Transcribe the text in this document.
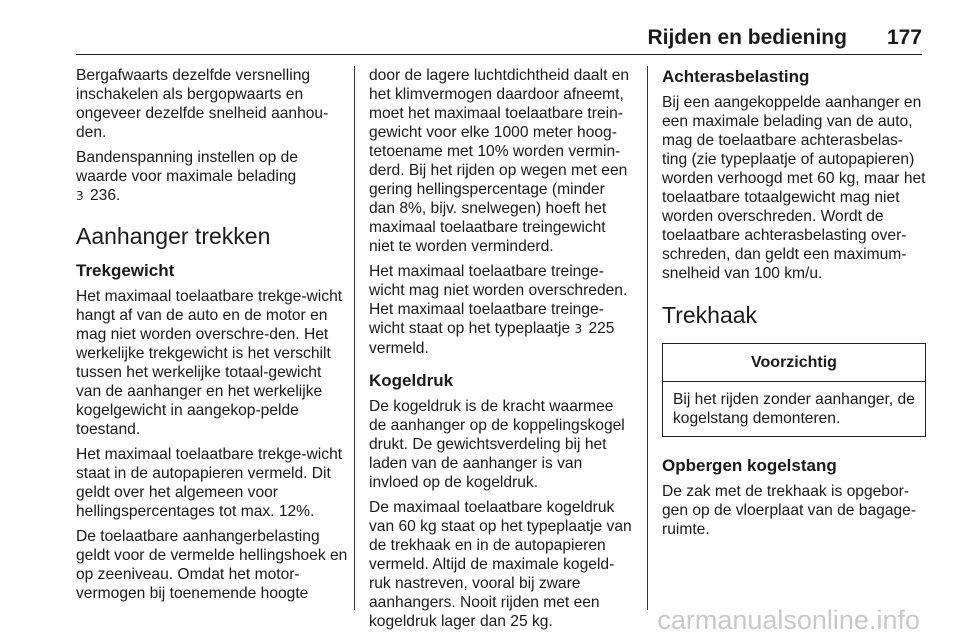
Rijden en bediening 177

Bergafwaarts dezelfde versnelling inschakelen als bergopwaarts en ongeveer dezelfde snelheid aanhou-den.

Bandenspanning instellen op de waarde voor maximale belading
3 236.

Aanhanger trekken
Trekgewicht

Het maximaal toelaatbare trekge-wicht hangt af van de auto en de motor en mag niet worden overschre-den. Het werkelijke trekgewicht is het verschilt tussen het werkelijke totaal-gewicht van de aanhanger en het werkelijke kogelgewicht in aangekop-pelde toestand.

Het maximaal toelaatbare trekge-wicht staat in de autopapieren vermeld. Dit geldt over het algemeen voor hellingspercentages tot max. 12%.

De toelaatbare aanhangerbelasting geldt voor de vermelde hellingshoek en op zeeniveau. Omdat het motor-vermogen bij toenemende hoogte

door de lagere luchtdichtheid daalt en het klimvermogen daardoor afneemt, moet het maximaal toelaatbare trein-gewicht voor elke 1000 meter hoog-tetoename met 10% worden vermin-derd. Bij het rijden op wegen met een gering hellingspercentage (minder dan 8%, bijv. snelwegen) hoeft het maximaal toelaatbare treingewicht niet te worden verminderd.

Het maximaal toelaatbare treinge-wicht mag niet worden overschreden. Het maximaal toelaatbare treinge-wicht staat op het typeplaatje 3 225 vermeld.

Kogeldruk

De kogeldruk is de kracht waarmee de aanhanger op de koppelingskogel drukt. De gewichtsverdeling bij het laden van de aanhanger is van invloed op de kogeldruk.

De maximaal toelaatbare kogeldruk van 60 kg staat op het typeplaatje van de trekhaak en in de autopapieren vermeld. Altijd de maximale kogeld-ruk nastreven, vooral bij zware aanhangers. Nooit rijden met een kogeldruk lager dan 25 kg.

Achterasbelasting

Bij een aangekoppelde aanhanger en een maximale belading van de auto, mag de toelaatbare achterasbelas-ting (zie typeplaatje of autopapieren) worden verhoogd met 60 kg, maar het toelaatbare totaalgewicht mag niet worden overschreden. Wordt de toelaatbare achterasbelasting over-schreden, dan geldt een maximum-snelheid van 100 km/u.

Trekhaak
Voorzichtig
Bij het rijden zonder aanhanger, de kogelstang demonteren.
Opbergen kogelstang

De zak met de trekhaak is opgebor-gen op de vloerplaat van de bagage-ruimte.

carmanualsonline.info
